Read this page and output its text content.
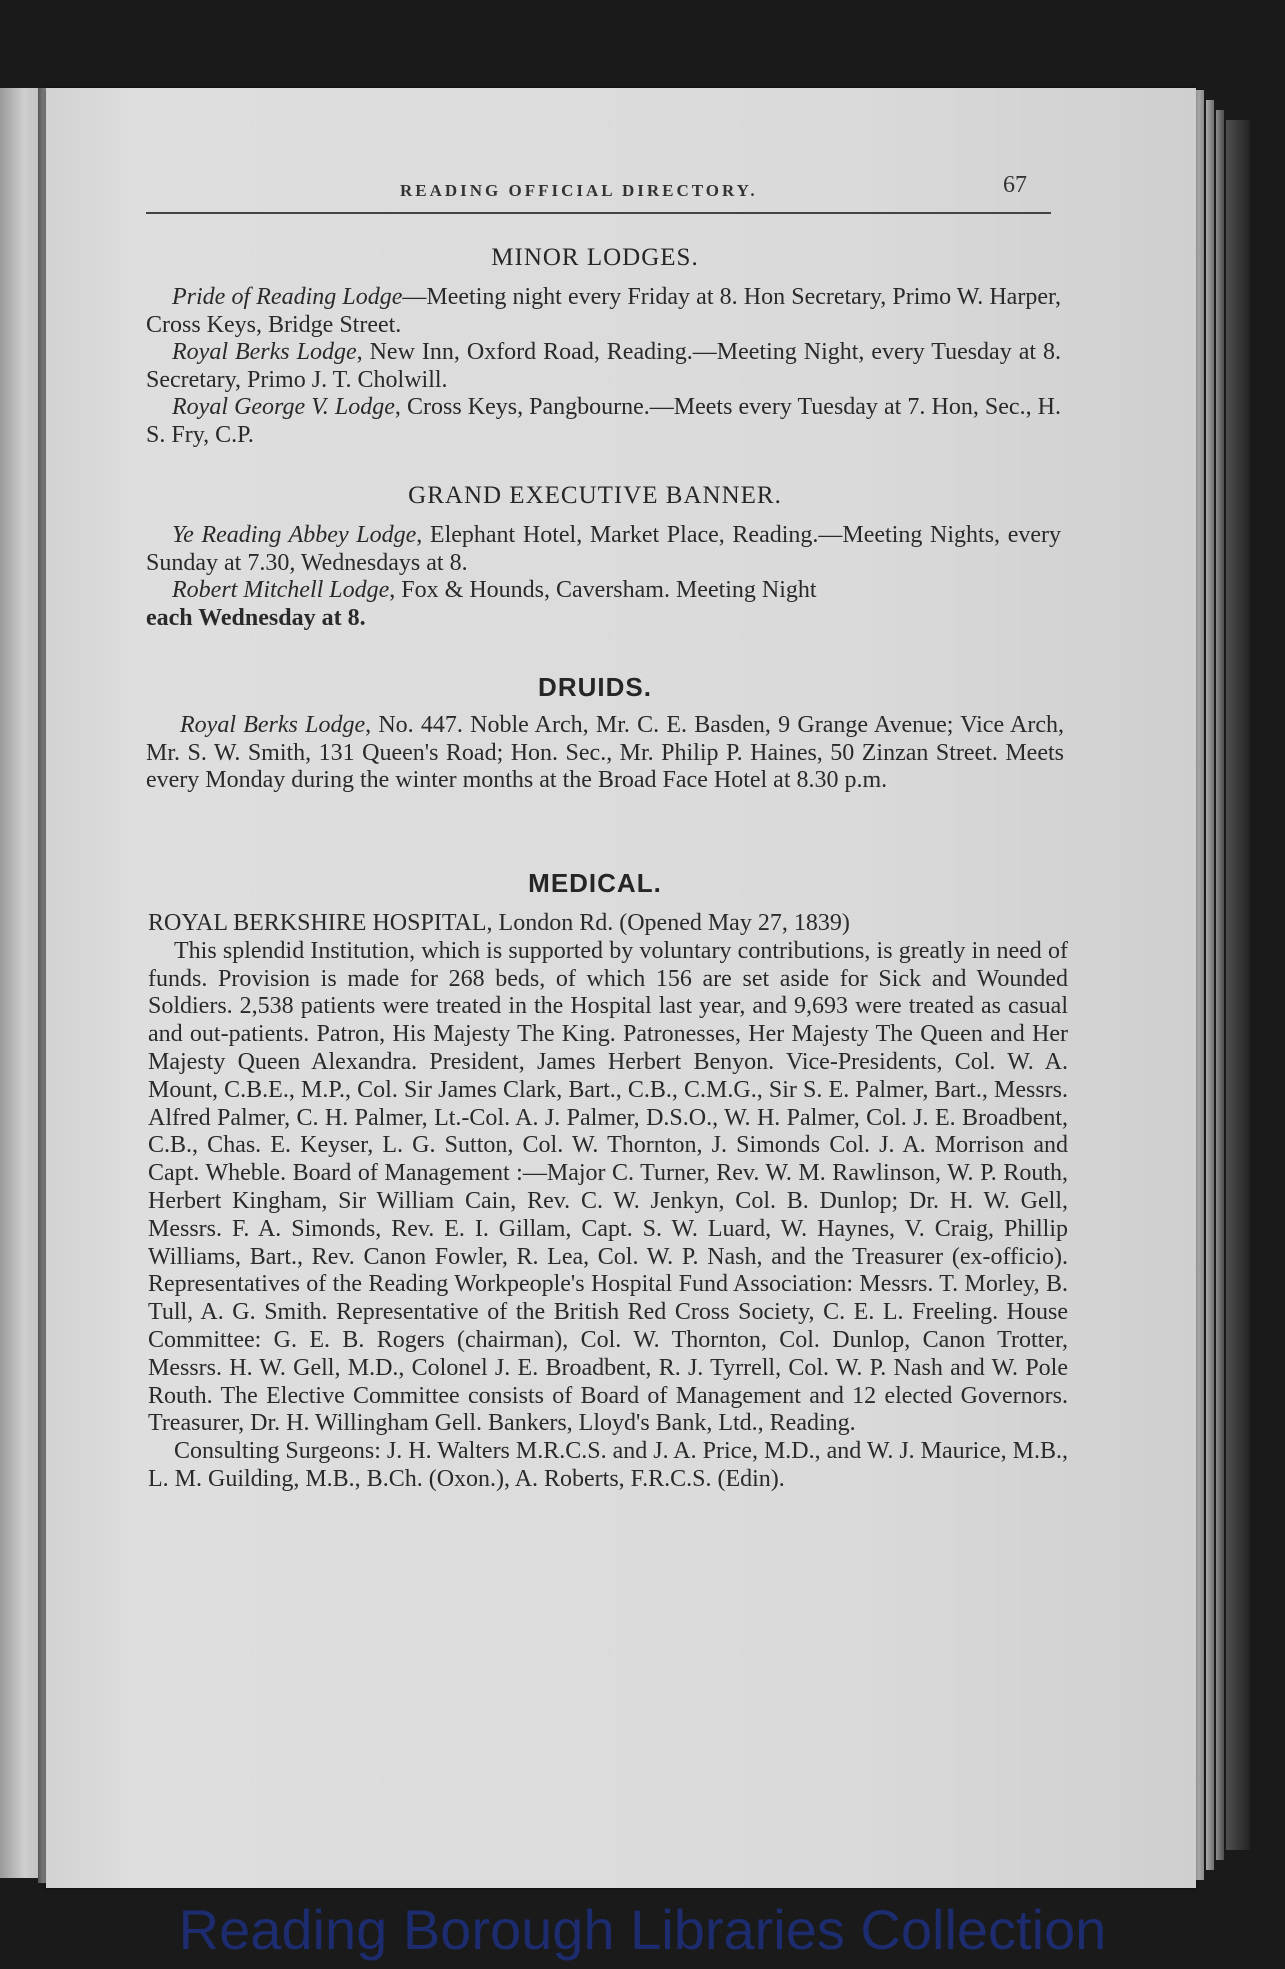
READING OFFICIAL DIRECTORY.	67
MINOR LODGES.
Pride of Reading Lodge—Meeting night every Friday at 8. Hon Secretary, Primo W. Harper, Cross Keys, Bridge Street.
Royal Berks Lodge, New Inn, Oxford Road, Reading.—Meeting Night, every Tuesday at 8. Secretary, Primo J. T. Cholwill.
Royal George V. Lodge, Cross Keys, Pangbourne.—Meets every Tuesday at 7. Hon, Sec., H. S. Fry, C.P.
GRAND EXECUTIVE BANNER.
Ye Reading Abbey Lodge, Elephant Hotel, Market Place, Reading.—Meeting Nights, every Sunday at 7.30, Wednesdays at 8.
Robert Mitchell Lodge, Fox & Hounds, Caversham. Meeting Night
each Wednesday at 8.
DRUIDS.
Royal Berks Lodge, No. 447. Noble Arch, Mr. C. E. Basden, 9 Grange Avenue; Vice Arch, Mr. S. W. Smith, 131 Queen's Road; Hon. Sec., Mr. Philip P. Haines, 50 Zinzan Street. Meets every Monday during the winter months at the Broad Face Hotel at 8.30 p.m.
MEDICAL.
ROYAL BERKSHIRE HOSPITAL, London Rd. (Opened May 27, 1839)
This splendid Institution, which is supported by voluntary contributions, is greatly in need of funds. Provision is made for 268 beds, of which 156 are set aside for Sick and Wounded Soldiers. 2,538 patients were treated in the Hospital last year, and 9,693 were treated as casual and out-patients. Patron, His Majesty The King. Patronesses, Her Majesty The Queen and Her Majesty Queen Alexandra. President, James Herbert Benyon. Vice-Presidents, Col. W. A. Mount, C.B.E., M.P., Col. Sir James Clark, Bart., C.B., C.M.G., Sir S. E. Palmer, Bart., Messrs. Alfred Palmer, C. H. Palmer, Lt.-Col. A. J. Palmer, D.S.O., W. H. Palmer, Col. J. E. Broadbent, C.B., Chas. E. Keyser, L. G. Sutton, Col. W. Thornton, J. Simonds Col. J. A. Morrison and Capt. Wheble. Board of Management :—Major C. Turner, Rev. W. M. Rawlinson, W. P. Routh, Herbert Kingham, Sir William Cain, Rev. C. W. Jenkyn, Col. B. Dunlop; Dr. H. W. Gell, Messrs. F. A. Simonds, Rev. E. I. Gillam, Capt. S. W. Luard, W. Haynes, V. Craig, Phillip Williams, Bart., Rev. Canon Fowler, R. Lea, Col. W. P. Nash, and the Treasurer (ex-officio). Representatives of the Reading Workpeople's Hospital Fund Association: Messrs. T. Morley, B. Tull, A. G. Smith. Representative of the British Red Cross Society, C. E. L. Freeling. House Committee: G. E. B. Rogers (chairman), Col. W. Thornton, Col. Dunlop, Canon Trotter, Messrs. H. W. Gell, M.D., Colonel J. E. Broadbent, R. J. Tyrrell, Col. W. P. Nash and W. Pole Routh. The Elective Committee consists of Board of Management and 12 elected Governors. Treasurer, Dr. H. Willingham Gell. Bankers, Lloyd's Bank, Ltd., Reading.
Consulting Surgeons: J. H. Walters M.R.C.S. and J. A. Price, M.D., and W. J. Maurice, M.B., L. M. Guilding, M.B., B.Ch. (Oxon.), A. Roberts, F.R.C.S. (Edin).
Reading Borough Libraries Collection
